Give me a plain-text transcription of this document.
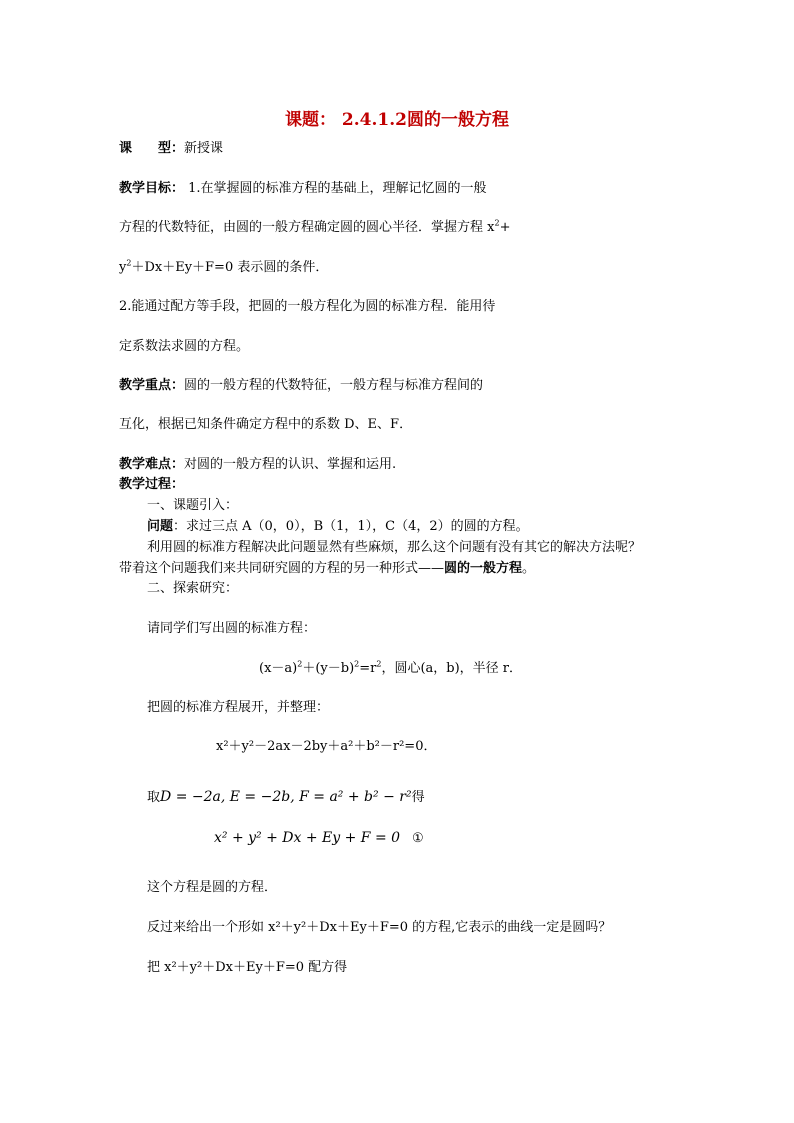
课题： 2.4.1.2圆的一般方程
课　　型：新授课
教学目标： 1.在掌握圆的标准方程的基础上，理解记忆圆的一般
方程的代数特征，由圆的一般方程确定圆的圆心半径．掌握方程 $x^2+$
$y^2+Dx+Ey+F=0$ 表示圆的条件．
2.能通过配方等手段，把圆的一般方程化为圆的标准方程．能用待
定系数法求圆的方程。
教学重点：圆的一般方程的代数特征，一般方程与标准方程间的
互化，根据已知条件确定方程中的系数 D、E、F．
教学难点：对圆的一般方程的认识、掌握和运用.
教学过程：
一、课题引入：
问题：求过三点 A（0，0），B（1，1），C（4，2）的圆的方程。
利用圆的标准方程解决此问题显然有些麻烦，那么这个问题有没有其它的解决方法呢？
带着这个问题我们来共同研究圆的方程的另一种形式——圆的一般方程。
二、探索研究：
请同学们写出圆的标准方程：
$(x-a)^2+(y-b)^2=r^2$，圆心(a，b)，半径 r．
把圆的标准方程展开，并整理：
x²＋y²－2ax－2by＋a²＋b²－r²=0．
取D = −2a, E = −2b, F = a² + b² − r²得
x² + y² + Dx + Ey + F = 0 ①
这个方程是圆的方程．
反过来给出一个形如 x²＋y²＋Dx＋Ey＋F=0 的方程,它表示的曲线一定是圆吗？
把 x²＋y²＋Dx＋Ey＋F=0 配方得
